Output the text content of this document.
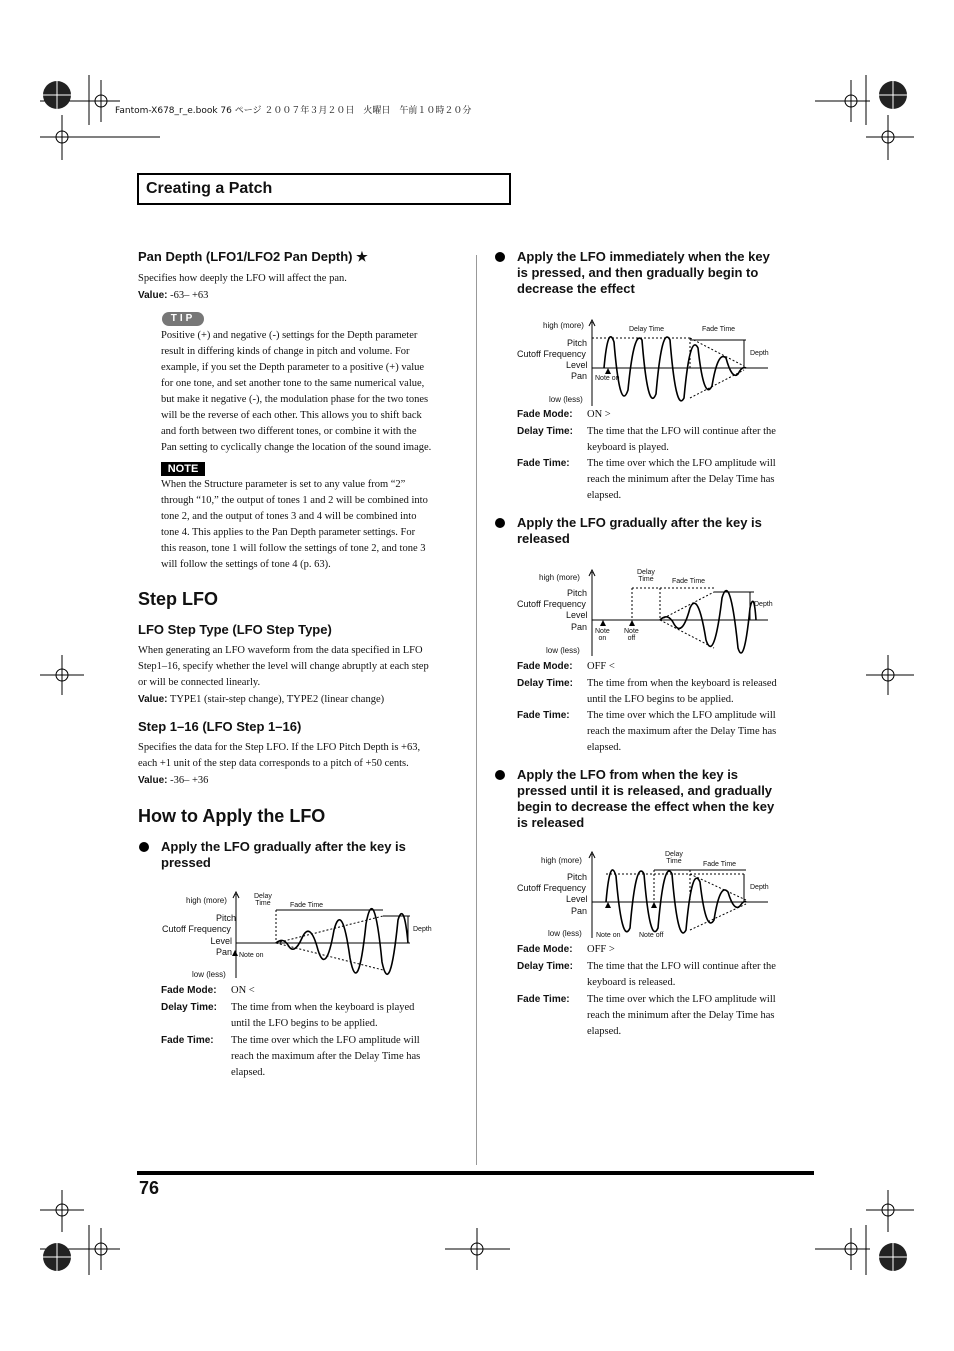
Fantom-X678_r_e.book 76 ページ ２００７年３月２０日　火曜日　午前１０時２０分
Creating a Patch
Pan Depth (LFO1/LFO2 Pan Depth) ★
Specifies how deeply the LFO will affect the pan.
Value: -63– +63
TIP
Positive (+) and negative (-) settings for the Depth parameter
result in differing kinds of change in pitch and volume. For
example, if you set the Depth parameter to a positive (+) value
for one tone, and set another tone to the same numerical value,
but make it negative (-), the modulation phase for the two tones
will be the reverse of each other. This allows you to shift back
and forth between two different tones, or combine it with the
Pan setting to cyclically change the location of the sound image.
NOTE
When the Structure parameter is set to any value from “2”
through “10,” the output of tones 1 and 2 will be combined into
tone 2, and the output of tones 3 and 4 will be combined into
tone 4. This applies to the Pan Depth parameter settings. For
this reason, tone 1 will follow the settings of tone 2, and tone 3
will follow the settings of tone 4 (p. 63).
Step LFO
LFO Step Type (LFO Step Type)
When generating an LFO waveform from the data specified in LFO
Step1–16, specify whether the level will change abruptly at each step
or will be connected linearly.
Value: TYPE1 (stair-step change), TYPE2 (linear change)
Step 1–16 (LFO Step 1–16)
Specifies the data for the Step LFO. If the LFO Pitch Depth is +63,
each +1 unit of the step data corresponds to a pitch of +50 cents.
Value: -36– +36
How to Apply the LFO
Apply the LFO gradually after the key is
pressed
high (more)
Pitch
Cutoff Frequency
Level
Pan
low (less)
Delay
Time	Fade Time
Depth
Note on
Fade Mode: ON <
Delay Time: The time from when the keyboard is played
until the LFO begins to be applied.
Fade Time: The time over which the LFO amplitude will
reach the maximum after the Delay Time has
elapsed.
Apply the LFO immediately when the key
is pressed, and then gradually begin to
decrease the effect
high (more)
Pitch
Cutoff Frequency
Level
Pan
low (less)
Delay Time	Fade Time
Depth
Note on
Fade Mode: ON >
Delay Time: The time that the LFO will continue after the
keyboard is played.
Fade Time: The time over which the LFO amplitude will
reach the minimum after the Delay Time has
elapsed.
Apply the LFO gradually after the key is
released
high (more)
Pitch
Cutoff Frequency
Level
Pan
low (less)
Delay
Time	Fade Time
Depth
Note
on
Note
off
Fade Mode: OFF <
Delay Time: The time from when the keyboard is released
until the LFO begins to be applied.
Fade Time: The time over which the LFO amplitude will
reach the maximum after the Delay Time has
elapsed.
Apply the LFO from when the key is
pressed until it is released, and gradually
begin to decrease the effect when the key
is released
high (more)
Pitch
Cutoff Frequency
Level
Pan
low (less)
Delay
Time	Fade Time
Depth
Note on	Note off
Fade Mode: OFF >
Delay Time: The time that the LFO will continue after the
keyboard is released.
Fade Time: The time over which the LFO amplitude will
reach the minimum after the Delay Time has
elapsed.
76
